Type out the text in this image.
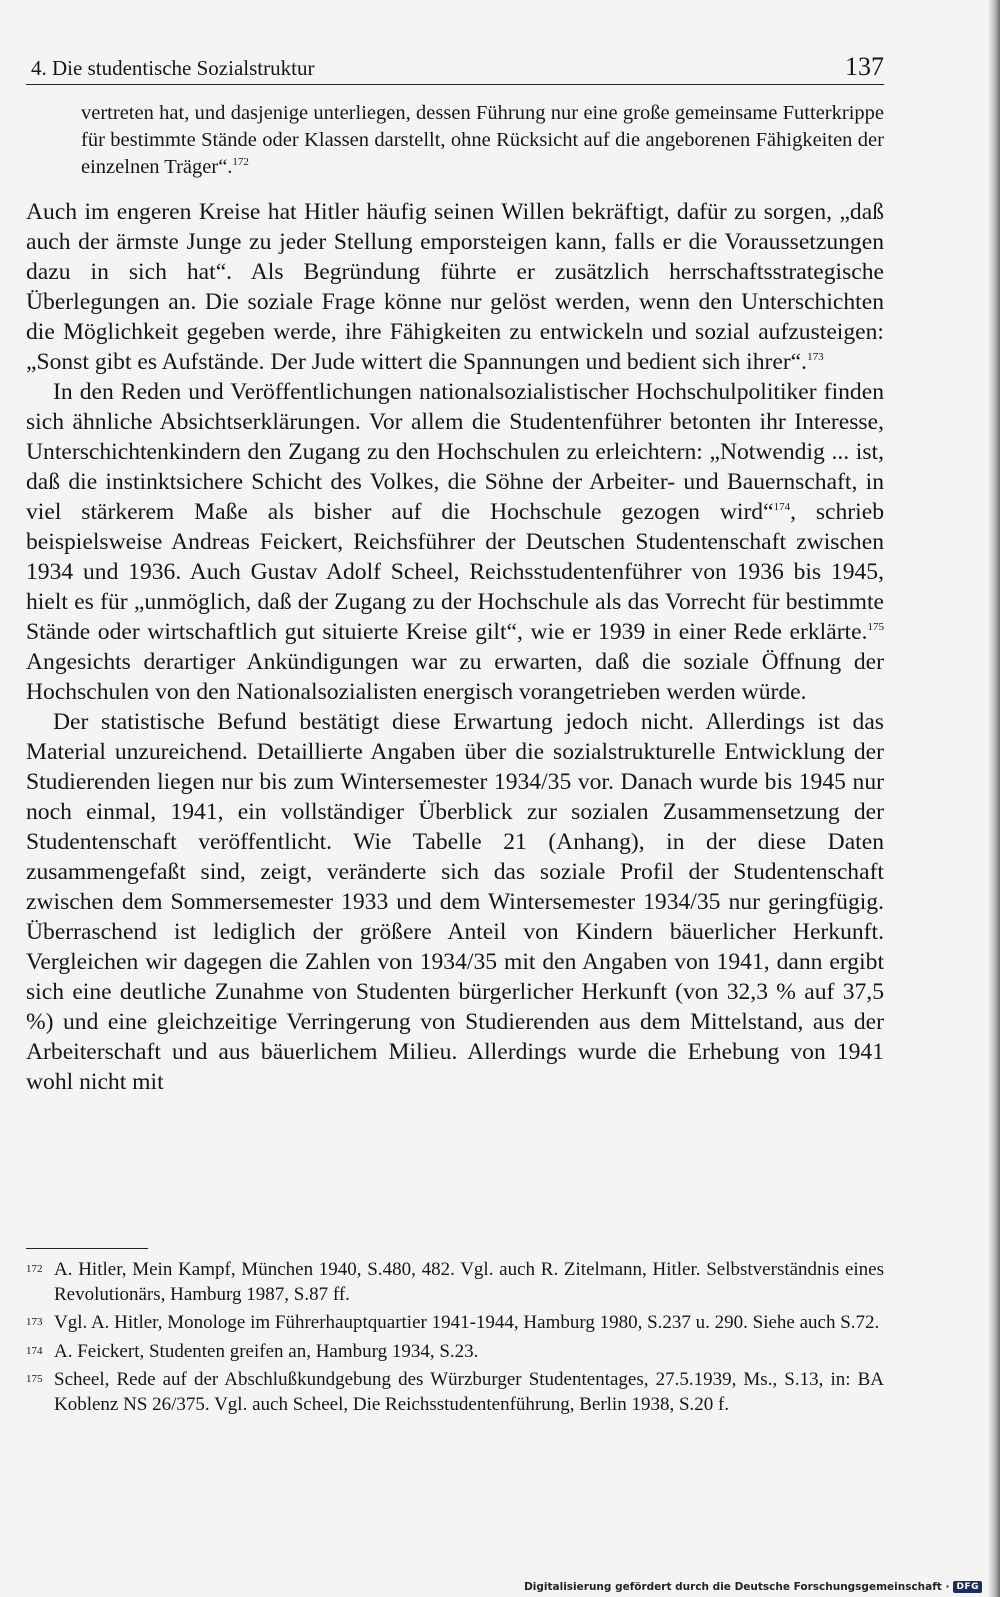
4. Die studentische Sozialstruktur	137

vertreten hat, und dasjenige unterliegen, dessen Führung nur eine große gemeinsame Futterkrippe für bestimmte Stände oder Klassen darstellt, ohne Rücksicht auf die angeborenen Fähigkeiten der einzelnen Träger“.$^{172}$

Auch im engeren Kreise hat Hitler häufig seinen Willen bekräftigt, dafür zu sorgen, „daß auch der ärmste Junge zu jeder Stellung emporsteigen kann, falls er die Voraussetzungen dazu in sich hat“. Als Begründung führte er zusätzlich herrschaftsstrategische Überlegungen an. Die soziale Frage könne nur gelöst werden, wenn den Unterschichten die Möglichkeit gegeben werde, ihre Fähigkeiten zu entwickeln und sozial aufzusteigen: „Sonst gibt es Aufstände. Der Jude wittert die Spannungen und bedient sich ihrer“.$^{173}$

In den Reden und Veröffentlichungen nationalsozialistischer Hochschulpolitiker finden sich ähnliche Absichtserklärungen. Vor allem die Studentenführer betonten ihr Interesse, Unterschichtenkindern den Zugang zu den Hochschulen zu erleichtern: „Notwendig ... ist, daß die instinktsichere Schicht des Volkes, die Söhne der Arbeiter- und Bauernschaft, in viel stärkerem Maße als bisher auf die Hochschule gezogen wird“$^{174}$, schrieb beispielsweise Andreas Feickert, Reichsführer der Deutschen Studentenschaft zwischen 1934 und 1936. Auch Gustav Adolf Scheel, Reichsstudentenführer von 1936 bis 1945, hielt es für „unmöglich, daß der Zugang zu der Hochschule als das Vorrecht für bestimmte Stände oder wirtschaftlich gut situierte Kreise gilt“, wie er 1939 in einer Rede erklärte.$^{175}$ Angesichts derartiger Ankündigungen war zu erwarten, daß die soziale Öffnung der Hochschulen von den Nationalsozialisten energisch vorangetrieben werden würde.

Der statistische Befund bestätigt diese Erwartung jedoch nicht. Allerdings ist das Material unzureichend. Detaillierte Angaben über die sozialstrukturelle Entwicklung der Studierenden liegen nur bis zum Wintersemester 1934/35 vor. Danach wurde bis 1945 nur noch einmal, 1941, ein vollständiger Überblick zur sozialen Zusammensetzung der Studentenschaft veröffentlicht. Wie Tabelle 21 (Anhang), in der diese Daten zusammengefaßt sind, zeigt, veränderte sich das soziale Profil der Studentenschaft zwischen dem Sommersemester 1933 und dem Wintersemester 1934/35 nur geringfügig. Überraschend ist lediglich der größere Anteil von Kindern bäuerlicher Herkunft. Vergleichen wir dagegen die Zahlen von 1934/35 mit den Angaben von 1941, dann ergibt sich eine deutliche Zunahme von Studenten bürgerlicher Herkunft (von 32,3 % auf 37,5 %) und eine gleichzeitige Verringerung von Studierenden aus dem Mittelstand, aus der Arbeiterschaft und aus bäuerlichem Milieu. Allerdings wurde die Erhebung von 1941 wohl nicht mit

172 A. Hitler, Mein Kampf, München 1940, S.480, 482. Vgl. auch R. Zitelmann, Hitler. Selbstverständnis eines Revolutionärs, Hamburg 1987, S.87 ff.
173 Vgl. A. Hitler, Monologe im Führerhauptquartier 1941-1944, Hamburg 1980, S.237 u. 290. Siehe auch S.72.
174 A. Feickert, Studenten greifen an, Hamburg 1934, S.23.
175 Scheel, Rede auf der Abschlußkundgebung des Würzburger Studententages, 27.5.1939, Ms., S.13, in: BA Koblenz NS 26/375. Vgl. auch Scheel, Die Reichsstudentenführung, Berlin 1938, S.20 f.
Digitalisierung gefördert durch die Deutsche Forschungsgemeinschaft · DFG
